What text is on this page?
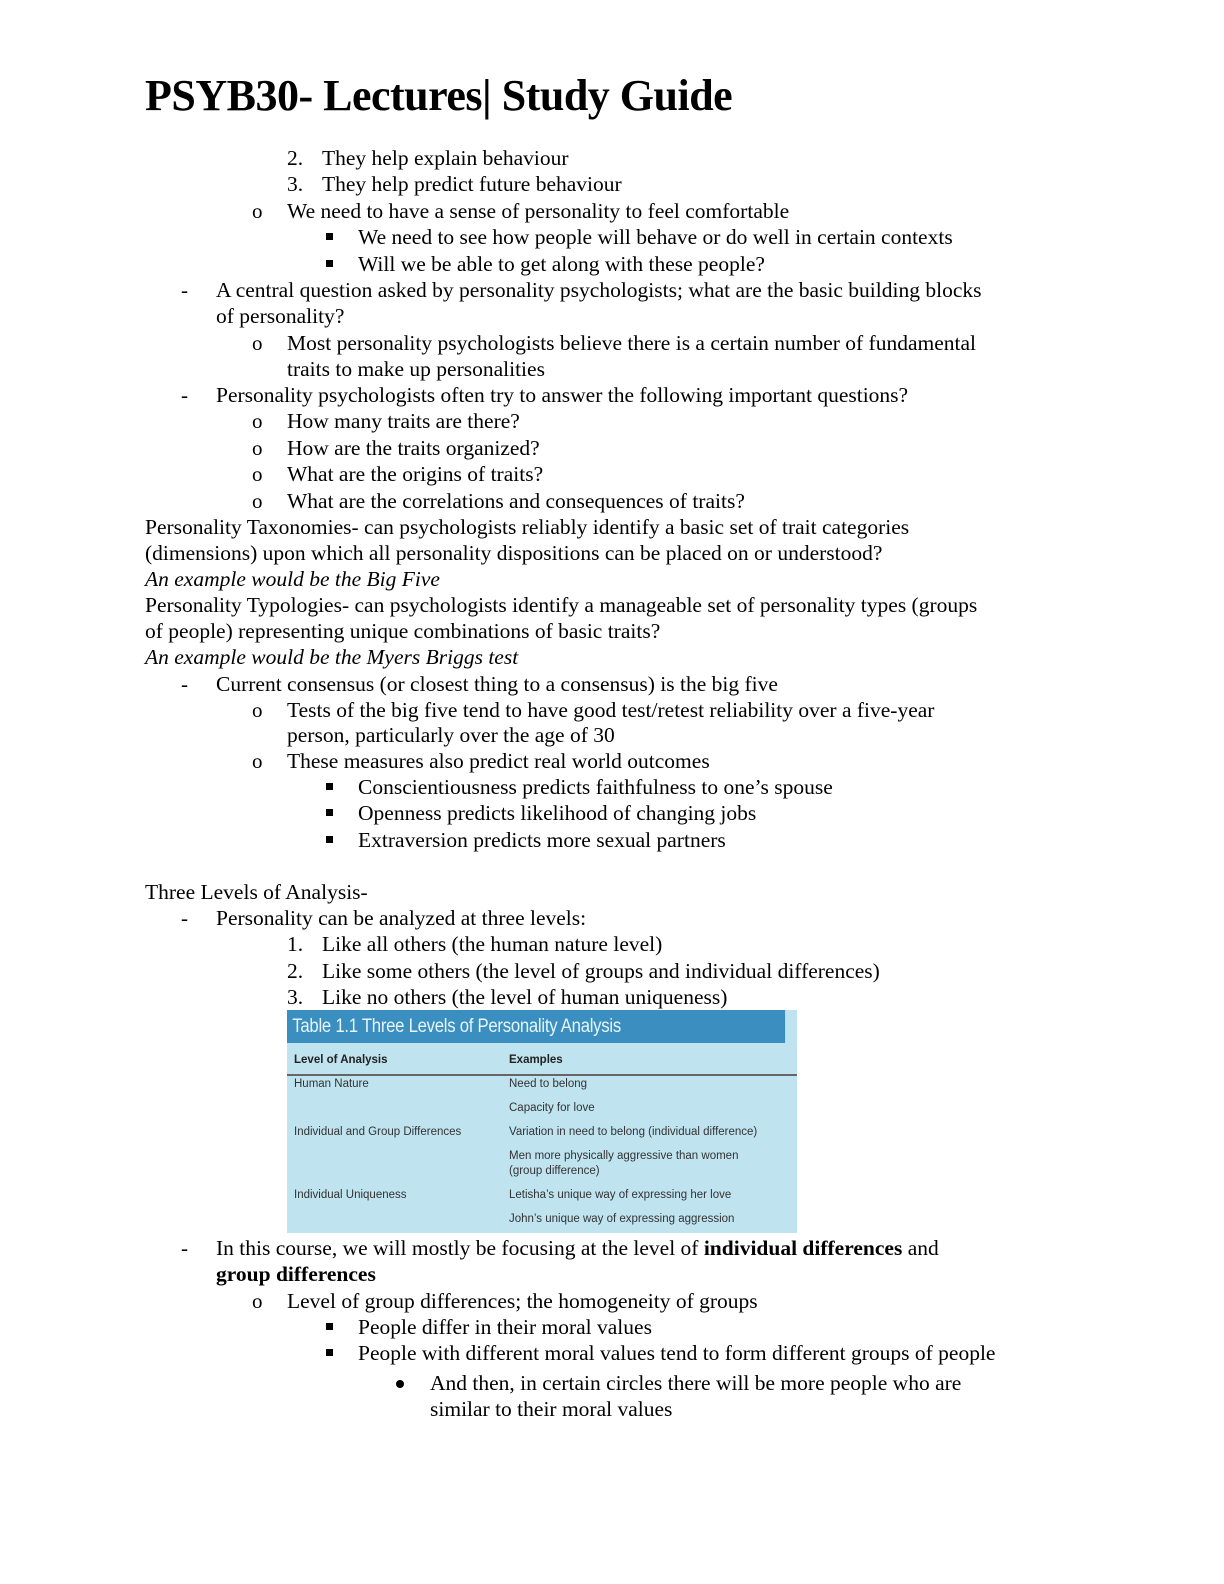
PSYB30- Lectures| Study Guide
2. They help explain behaviour
3. They help predict future behaviour
o We need to have a sense of personality to feel comfortable
We need to see how people will behave or do well in certain contexts
Will we be able to get along with these people?
- A central question asked by personality psychologists; what are the basic building blocks
of personality?
o Most personality psychologists believe there is a certain number of fundamental
traits to make up personalities
- Personality psychologists often try to answer the following important questions?
o How many traits are there?
o How are the traits organized?
o What are the origins of traits?
o What are the correlations and consequences of traits?
Personality Taxonomies- can psychologists reliably identify a basic set of trait categories
(dimensions) upon which all personality dispositions can be placed on or understood?
An example would be the Big Five
Personality Typologies- can psychologists identify a manageable set of personality types (groups
of people) representing unique combinations of basic traits?
An example would be the Myers Briggs test
- Current consensus (or closest thing to a consensus) is the big five
o Tests of the big five tend to have good test/retest reliability over a five-year
person, particularly over the age of 30
o These measures also predict real world outcomes
Conscientiousness predicts faithfulness to one’s spouse
Openness predicts likelihood of changing jobs
Extraversion predicts more sexual partners
Three Levels of Analysis-
- Personality can be analyzed at three levels:
1. Like all others (the human nature level)
2. Like some others (the level of groups and individual differences)
3. Like no others (the level of human uniqueness)
Table 1.1 Three Levels of Personality Analysis
Level of Analysis	Examples
Human Nature	Need to belong
Capacity for love
Individual and Group Differences	Variation in need to belong (individual difference)
Men more physically aggressive than women
(group difference)
Individual Uniqueness	Letisha’s unique way of expressing her love
John’s unique way of expressing aggression
- In this course, we will mostly be focusing at the level of individual differences and
group differences
o Level of group differences; the homogeneity of groups
People differ in their moral values
People with different moral values tend to form different groups of people
And then, in certain circles there will be more people who are
similar to their moral values
